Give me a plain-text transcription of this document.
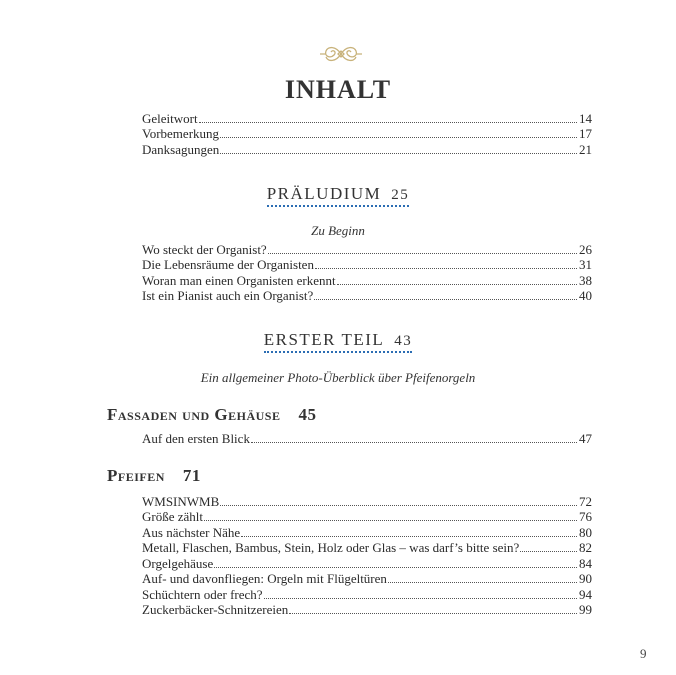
INHALT
Geleitwort	14
Vorbemerkung	17
Danksagungen	21
PRÄLUDIUM 25
Zu Beginn
Wo steckt der Organist?	26
Die Lebensräume der Organisten	31
Woran man einen Organisten erkennt	38
Ist ein Pianist auch ein Organist?	40
ERSTER TEIL 43
Ein allgemeiner Photo-Überblick über Pfeifenorgeln
Fassaden und Gehäuse 45
Auf den ersten Blick	47
Pfeifen 71
WMSINWMB	72
Größe zählt	76
Aus nächster Nähe	80
Metall, Flaschen, Bambus, Stein, Holz oder Glas – was darf’s bitte sein?	82
Orgelgehäuse	84
Auf- und davonfliegen: Orgeln mit Flügeltüren	90
Schüchtern oder frech?	94
Zuckerbäcker-Schnitzereien	99
9
